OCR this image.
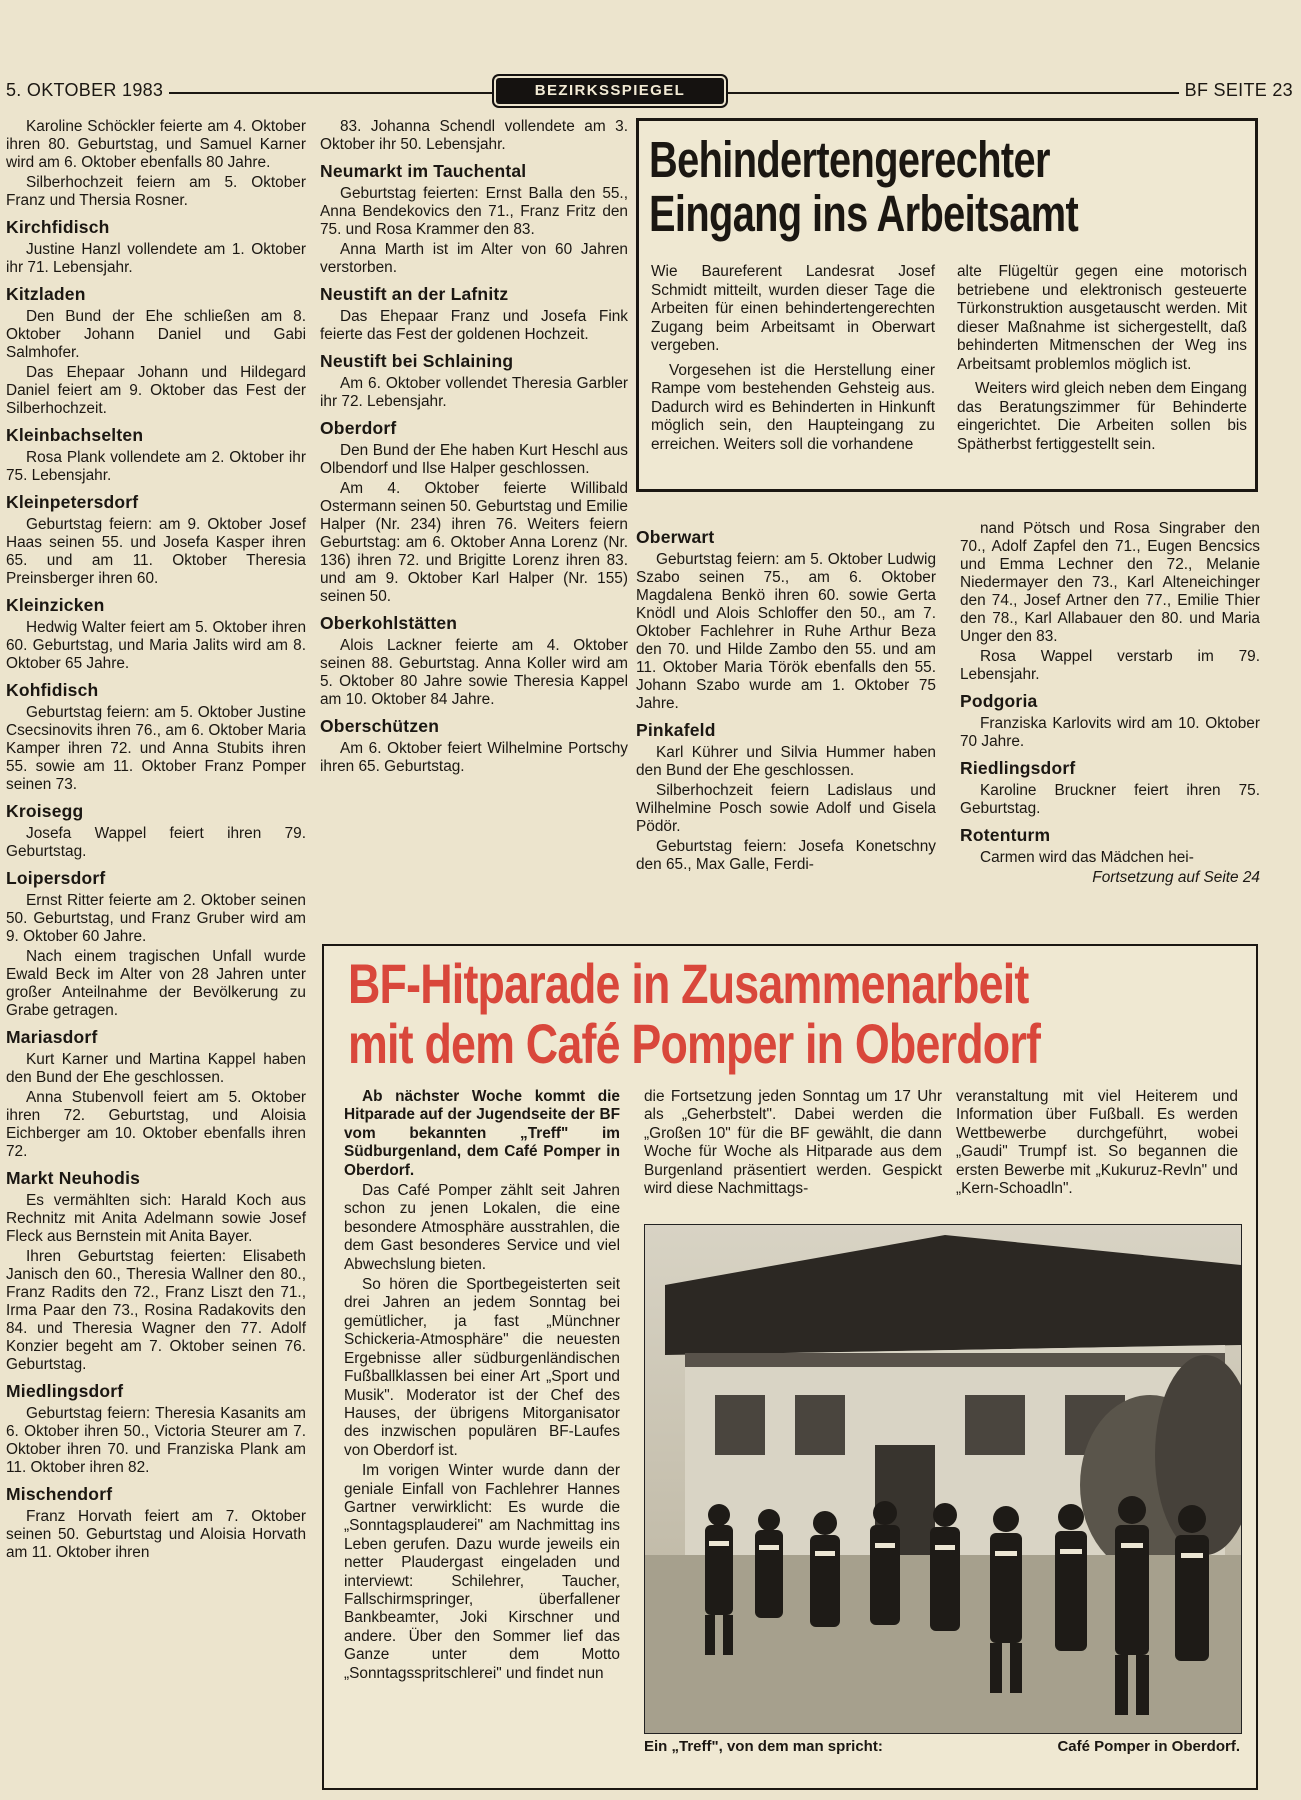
5. OKTOBER 1983	BEZIRKSSPIEGEL	BF SEITE 23

Karoline Schöckler feierte am 4. Oktober ihren 80. Geburtstag, und Samuel Karner wird am 6. Oktober ebenfalls 80 Jahre.

Silberhochzeit feiern am 5. Oktober Franz und Thersia Rosner.

Kirchfidisch

Justine Hanzl vollendete am 1. Oktober ihr 71. Lebensjahr.

Kitzladen

Den Bund der Ehe schließen am 8. Oktober Johann Daniel und Gabi Salmhofer.

Das Ehepaar Johann und Hildegard Daniel feiert am 9. Oktober das Fest der Silberhochzeit.

Kleinbachselten

Rosa Plank vollendete am 2. Oktober ihr 75. Lebensjahr.

Kleinpetersdorf

Geburtstag feiern: am 9. Oktober Josef Haas seinen 55. und Josefa Kasper ihren 65. und am 11. Oktober Theresia Preinsberger ihren 60.

Kleinzicken

Hedwig Walter feiert am 5. Oktober ihren 60. Geburtstag, und Maria Jalits wird am 8. Oktober 65 Jahre.

Kohfidisch

Geburtstag feiern: am 5. Oktober Justine Csecsinovits ihren 76., am 6. Oktober Maria Kamper ihren 72. und Anna Stubits ihren 55. sowie am 11. Oktober Franz Pomper seinen 73.

Kroisegg

Josefa Wappel feiert ihren 79. Geburtstag.

Loipersdorf

Ernst Ritter feierte am 2. Oktober seinen 50. Geburtstag, und Franz Gruber wird am 9. Oktober 60 Jahre.

Nach einem tragischen Unfall wurde Ewald Beck im Alter von 28 Jahren unter großer Anteilnahme der Bevölkerung zu Grabe getragen.

Mariasdorf

Kurt Karner und Martina Kappel haben den Bund der Ehe geschlossen.

Anna Stubenvoll feiert am 5. Oktober ihren 72. Geburtstag, und Aloisia Eichberger am 10. Oktober ebenfalls ihren 72.

Markt Neuhodis

Es vermählten sich: Harald Koch aus Rechnitz mit Anita Adelmann sowie Josef Fleck aus Bernstein mit Anita Bayer.

Ihren Geburtstag feierten: Elisabeth Janisch den 60., Theresia Wallner den 80., Franz Radits den 72., Franz Liszt den 71., Irma Paar den 73., Rosina Radakovits den 84. und Theresia Wagner den 77. Adolf Konzier begeht am 7. Oktober seinen 76. Geburtstag.

Miedlingsdorf

Geburtstag feiern: Theresia Kasanits am 6. Oktober ihren 50., Victoria Steurer am 7. Oktober ihren 70. und Franziska Plank am 11. Oktober ihren 82.

Mischendorf

Franz Horvath feiert am 7. Oktober seinen 50. Geburtstag und Aloisia Horvath am 11. Oktober ihren

83. Johanna Schendl vollendete am 3. Oktober ihr 50. Lebensjahr.

Neumarkt im Tauchental

Geburtstag feierten: Ernst Balla den 55., Anna Bendekovics den 71., Franz Fritz den 75. und Rosa Krammer den 83.

Anna Marth ist im Alter von 60 Jahren verstorben.

Neustift an der Lafnitz

Das Ehepaar Franz und Josefa Fink feierte das Fest der goldenen Hochzeit.

Neustift bei Schlaining

Am 6. Oktober vollendet Theresia Garbler ihr 72. Lebensjahr.

Oberdorf

Den Bund der Ehe haben Kurt Heschl aus Olbendorf und Ilse Halper geschlossen.

Am 4. Oktober feierte Willibald Ostermann seinen 50. Geburtstag und Emilie Halper (Nr. 234) ihren 76. Weiters feiern Geburtstag: am 6. Oktober Anna Lorenz (Nr. 136) ihren 72. und Brigitte Lorenz ihren 83. und am 9. Oktober Karl Halper (Nr. 155) seinen 50.

Oberkohlstätten

Alois Lackner feierte am 4. Oktober seinen 88. Geburtstag. Anna Koller wird am 5. Oktober 80 Jahre sowie Theresia Kappel am 10. Oktober 84 Jahre.

Oberschützen

Am 6. Oktober feiert Wilhelmine Portschy ihren 65. Geburtstag.

Behindertengerechter
Eingang ins Arbeitsamt

Wie Baureferent Landesrat Josef Schmidt mitteilt, wurden dieser Tage die Arbeiten für einen behindertengerechten Zugang beim Arbeitsamt in Oberwart vergeben.

Vorgesehen ist die Herstellung einer Rampe vom bestehenden Gehsteig aus. Dadurch wird es Behinderten in Hinkunft möglich sein, den Haupteingang zu erreichen. Weiters soll die vorhandene

alte Flügeltür gegen eine motorisch betriebene und elektronisch gesteuerte Türkonstruktion ausgetauscht werden. Mit dieser Maßnahme ist sichergestellt, daß behinderten Mitmenschen der Weg ins Arbeitsamt problemlos möglich ist.

Weiters wird gleich neben dem Eingang das Beratungszimmer für Behinderte eingerichtet. Die Arbeiten sollen bis Spätherbst fertiggestellt sein.

Oberwart

Geburtstag feiern: am 5. Oktober Ludwig Szabo seinen 75., am 6. Oktober Magdalena Benkö ihren 60. sowie Gerta Knödl und Alois Schloffer den 50., am 7. Oktober Fachlehrer in Ruhe Arthur Beza den 70. und Hilde Zambo den 55. und am 11. Oktober Maria Török ebenfalls den 55. Johann Szabo wurde am 1. Oktober 75 Jahre.

Pinkafeld

Karl Kührer und Silvia Hummer haben den Bund der Ehe geschlossen.

Silberhochzeit feiern Ladislaus und Wilhelmine Posch sowie Adolf und Gisela Pödör.

Geburtstag feiern: Josefa Konetschny den 65., Max Galle, Ferdi-

nand Pötsch und Rosa Singraber den 70., Adolf Zapfel den 71., Eugen Bencsics und Emma Lechner den 72., Melanie Niedermayer den 73., Karl Alteneichinger den 74., Josef Artner den 77., Emilie Thier den 78., Karl Allabauer den 80. und Maria Unger den 83.

Rosa Wappel verstarb im 79. Lebensjahr.

Podgoria

Franziska Karlovits wird am 10. Oktober 70 Jahre.

Riedlingsdorf

Karoline Bruckner feiert ihren 75. Geburtstag.

Rotenturm

Carmen wird das Mädchen hei-

Fortsetzung auf Seite 24

BF-Hitparade in Zusammenarbeit
mit dem Café Pomper in Oberdorf

Ab nächster Woche kommt die Hitparade auf der Jugendseite der BF vom bekannten „Treff" im Südburgenland, dem Café Pomper in Oberdorf.

Das Café Pomper zählt seit Jahren schon zu jenen Lokalen, die eine besondere Atmosphäre ausstrahlen, die dem Gast besonderes Service und viel Abwechslung bieten.

So hören die Sportbegeisterten seit drei Jahren an jedem Sonntag bei gemütlicher, ja fast „Münchner Schickeria-Atmosphäre" die neuesten Ergebnisse aller südburgenländischen Fußballklassen bei einer Art „Sport und Musik". Moderator ist der Chef des Hauses, der übrigens Mitorganisator des inzwischen populären BF-Laufes von Oberdorf ist.

Im vorigen Winter wurde dann der geniale Einfall von Fachlehrer Hannes Gartner verwirklicht: Es wurde die „Sonntagsplauderei" am Nachmittag ins Leben gerufen. Dazu wurde jeweils ein netter Plaudergast eingeladen und interviewt: Schilehrer, Taucher, Fallschirmspringer, überfallener Bankbeamter, Joki Kirschner und andere. Über den Sommer lief das Ganze unter dem Motto „Sonntagsspritschlerei" und findet nun

die Fortsetzung jeden Sonntag um 17 Uhr als „Geherbstelt". Dabei werden die „Großen 10" für die BF gewählt, die dann Woche für Woche als Hitparade aus dem Burgenland präsentiert werden. Gespickt wird diese Nachmittags-

veranstaltung mit viel Heiterem und Information über Fußball. Es werden Wettbewerbe durchgeführt, wobei „Gaudi" Trumpf ist. So begannen die ersten Bewerbe mit „Kukuruz-Revln" und „Kern-Schoadln".

Ein „Treff", von dem man spricht:	Café Pomper in Oberdorf.
